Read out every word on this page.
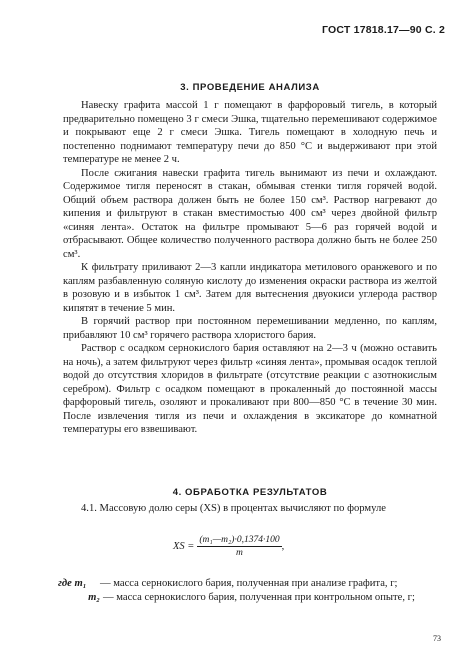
ГОСТ 17818.17—90 С. 2
3. ПРОВЕДЕНИЕ АНАЛИЗА

Навеску графита массой 1 г помещают в фарфоровый тигель, в который предварительно помещено 3 г смеси Эшка, тщательно перемешивают содержимое и покрывают еще 2 г смеси Эшка. Тигель помещают в холодную печь и постепенно поднимают температуру печи до 850 °С и выдерживают при этой температуре не менее 2 ч.

После сжигания навески графита тигель вынимают из печи и охлаждают. Содержимое тигля переносят в стакан, обмывая стенки тигля горячей водой. Общий объем раствора должен быть не более 150 см³. Раствор нагревают до кипения и фильтруют в стакан вместимостью 400 см³ через двойной фильтр «синяя лента». Остаток на фильтре промывают 5—6 раз горячей водой и отбрасывают. Общее количество полученного раствора должно быть не более 250 см³.

К фильтрату приливают 2—3 капли индикатора метилового оранжевого и по каплям разбавленную соляную кислоту до изменения окраски раствора из желтой в розовую и в избыток 1 см³. Затем для вытеснения двуокиси углерода раствор кипятят в течение 5 мин.

В горячий раствор при постоянном перемешивании медленно, по каплям, прибавляют 10 см³ горячего раствора хлористого бария.

Раствор с осадком сернокислого бария оставляют на 2—3 ч (можно оставить на ночь), а затем фильтруют через фильтр «синяя лента», промывая осадок теплой водой до отсутствия хлоридов в фильтрате (отсутствие реакции с азотнокислым серебром). Фильтр с осадком помещают в прокаленный до постоянной массы фарфоровый тигель, озоляют и прокаливают при 800—850 °С в течение 30 мин. После извлечения тигля из печи и охлаждения в эксикаторе до комнатной температуры его взвешивают.

4. ОБРАБОТКА РЕЗУЛЬТАТОВ

4.1. Массовую долю серы (XS) в процентах вычисляют по формуле

XS = $\frac{\text{(m₁—m₂)·0,1374·100}}{m}$ ,
где m₁	— масса сернокислого бария, полученная при анализе графита, г;
m₂ — масса сернокислого бария, полученная при контрольном опыте, г;
73
